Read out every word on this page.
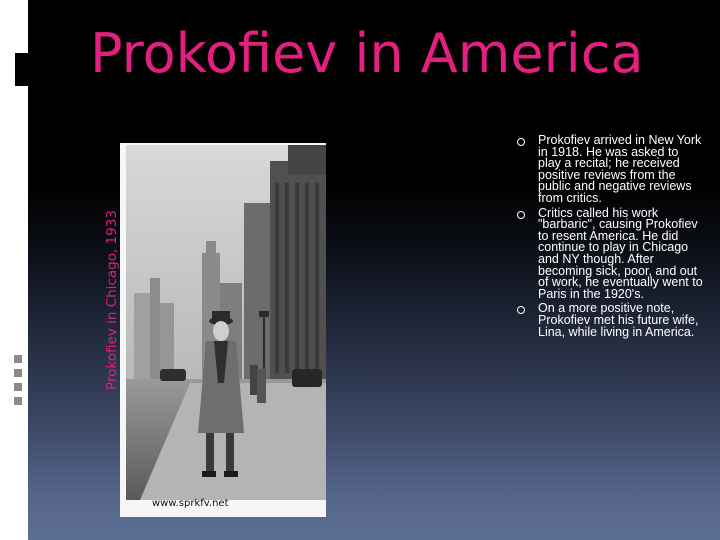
Prokofiev in America
Prokofiev in Chicago, 1933
www.sprkfv.net
Prokofiev arrived in New York in 1918. He was asked to play a recital; he received positive reviews from the public and negative reviews from critics.
Critics called his work "barbaric", causing Prokofiev to resent America. He did continue to play in Chicago and NY though. After becoming sick, poor, and out of work, he eventually went to Paris in the 1920's.
On a more positive note, Prokofiev met his future wife, Lina, while living in America.
